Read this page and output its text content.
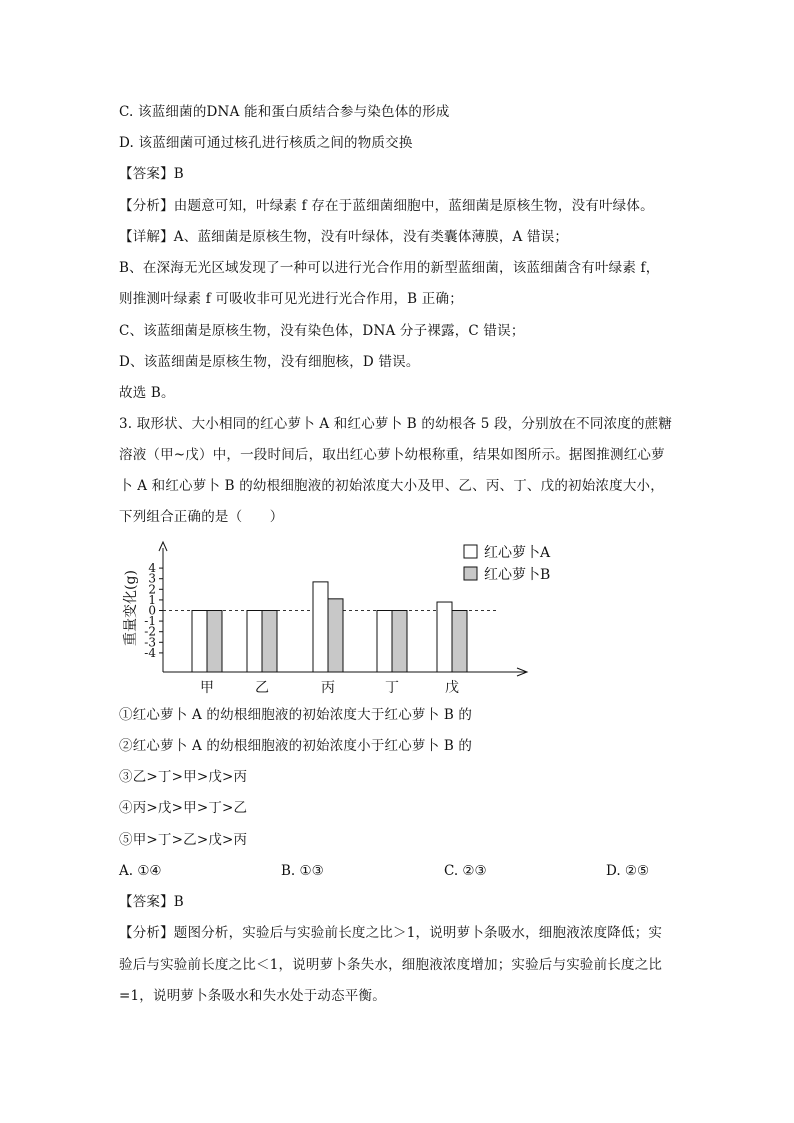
C. 该蓝细菌的DNA 能和蛋白质结合参与染色体的形成
D. 该蓝细菌可通过核孔进行核质之间的物质交换
【答案】B
【分析】由题意可知，叶绿素 f 存在于蓝细菌细胞中，蓝细菌是原核生物，没有叶绿体。
【详解】A、蓝细菌是原核生物，没有叶绿体，没有类囊体薄膜，A 错误；
B、在深海无光区域发现了一种可以进行光合作用的新型蓝细菌，该蓝细菌含有叶绿素 f，
则推测叶绿素 f 可吸收非可见光进行光合作用，B 正确；
C、该蓝细菌是原核生物，没有染色体，DNA 分子裸露，C 错误；
D、该蓝细菌是原核生物，没有细胞核，D 错误。
故选 B。
3. 取形状、大小相同的红心萝卜 A 和红心萝卜 B 的幼根各 5 段，分别放在不同浓度的蔗糖
溶液（甲~戊）中，一段时间后，取出红心萝卜幼根称重，结果如图所示。据图推测红心萝
卜 A 和红心萝卜 B 的幼根细胞液的初始浓度大小及甲、乙、丙、丁、戊的初始浓度大小，
下列组合正确的是（　　）
①红心萝卜 A 的幼根细胞液的初始浓度大于红心萝卜 B 的
②红心萝卜 A 的幼根细胞液的初始浓度小于红心萝卜 B 的
③乙>丁>甲>戊>丙
④丙>戊>甲>丁>乙
⑤甲>丁>乙>戊>丙
【答案】B
【分析】题图分析，实验后与实验前长度之比＞1，说明萝卜条吸水，细胞液浓度降低；实
验后与实验前长度之比＜1，说明萝卜条失水，细胞液浓度增加；实验后与实验前长度之比
=1，说明萝卜条吸水和失水处于动态平衡。
A. ①④	B. ①③	C. ②③	D. ②⑤
4
3
2
1
0
-1
-2
-3
-4
重量变化(g)
甲	乙	丙	丁	戊
红心萝卜A
红心萝卜B
